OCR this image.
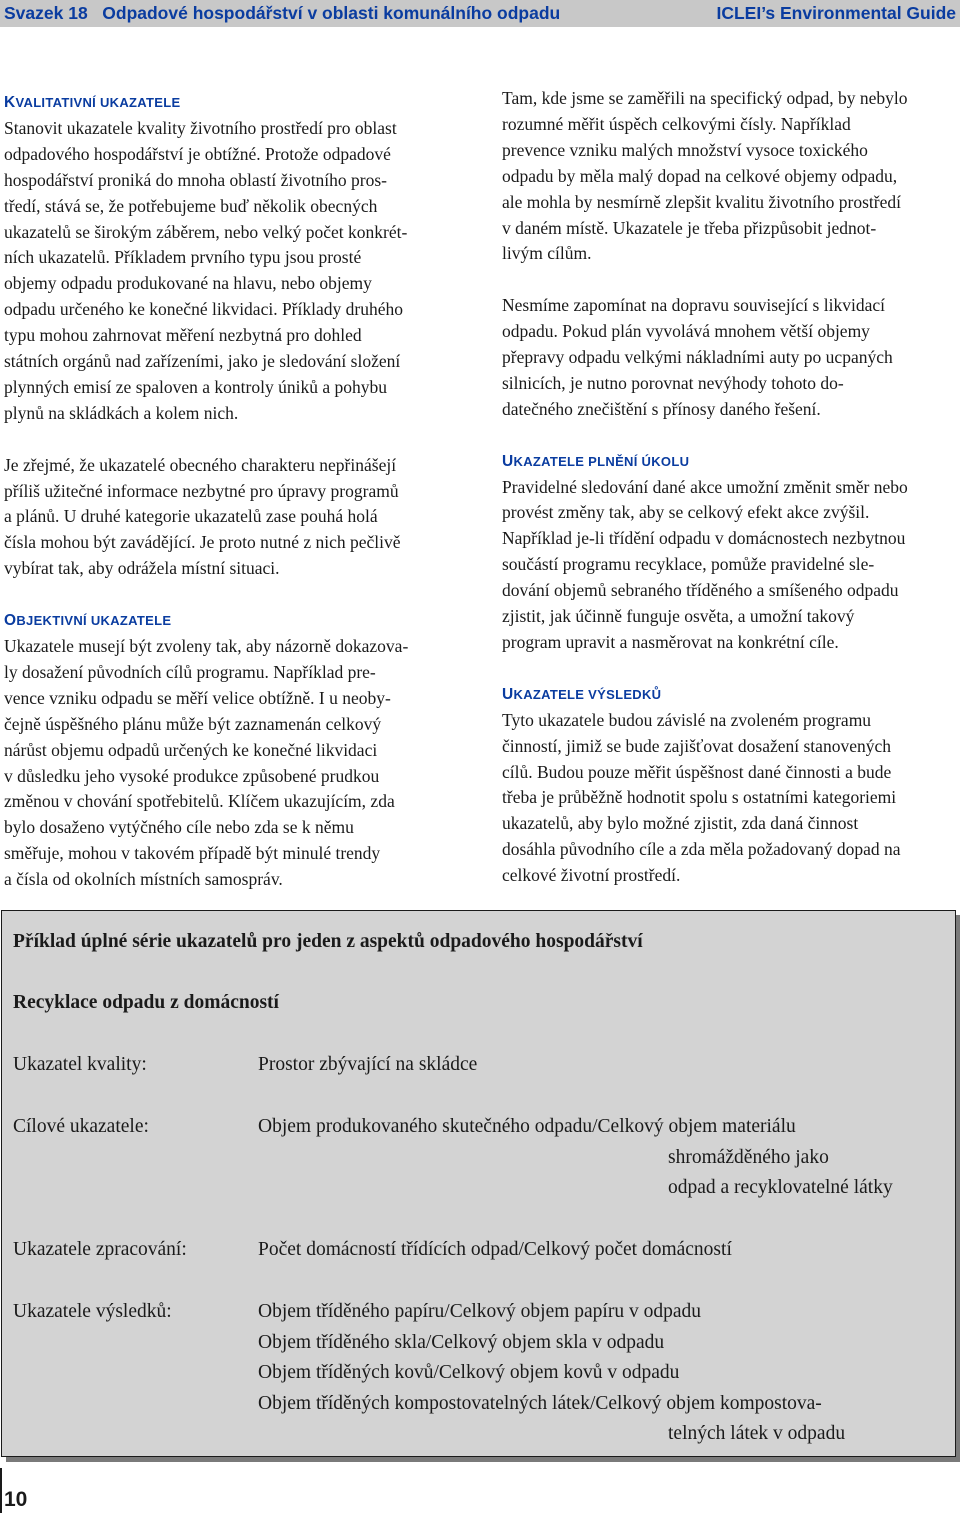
Svazek 18   Odpadové hospodářství v oblasti komunálního odpadu	ICLEI’s Environmental Guide
KVALITATIVNÍ UKAZATELE

Stanovit ukazatele kvality životního prostředí pro oblast
odpadového hospodářství je obtížné. Protože odpadové
hospodářství proniká do mnoha oblastí životního pros-
tředí, stává se, že potřebujeme buď několik obecných
ukazatelů se širokým záběrem, nebo velký počet konkrét-
ních ukazatelů. Příkladem prvního typu jsou prosté
objemy odpadu produkované na hlavu, nebo objemy
odpadu určeného ke konečné likvidaci. Příklady druhého
typu mohou zahrnovat měření nezbytná pro dohled
státních orgánů nad zařízeními, jako je sledování složení
plynných emisí ze spaloven a kontroly úniků a pohybu
plynů na skládkách a kolem nich.

Je zřejmé, že ukazatelé obecného charakteru nepřinášejí
příliš užitečné informace nezbytné pro úpravy programů
a plánů. U druhé kategorie ukazatelů zase pouhá holá
čísla mohou být zavádějící. Je proto nutné z nich pečlivě
vybírat tak, aby odrážela místní situaci.

OBJEKTIVNÍ UKAZATELE

Ukazatele musejí být zvoleny tak, aby názorně dokazova-
ly dosažení původních cílů programu. Například pre-
vence vzniku odpadu se měří velice obtížně. I u neoby-
čejně úspěšného plánu může být zaznamenán celkový
nárůst objemu odpadů určených ke konečné likvidaci
v důsledku jeho vysoké produkce způsobené prudkou
změnou v chování spotřebitelů. Klíčem ukazujícím, zda
bylo dosaženo vytýčného cíle nebo zda se k němu
směřuje, mohou v takovém případě být minulé trendy
a čísla od okolních místních samospráv.

Tam, kde jsme se zaměřili na specifický odpad, by nebylo
rozumné měřit úspěch celkovými čísly. Například
prevence vzniku malých množství vysoce toxického
odpadu by měla malý dopad na celkové objemy odpadu,
ale mohla by nesmírně zlepšit kvalitu životního prostředí
v daném místě. Ukazatele je třeba přizpůsobit jednot-
livým cílům.

Nesmíme zapomínat na dopravu související s likvidací
odpadu. Pokud plán vyvolává mnohem větší objemy
přepravy odpadu velkými nákladními auty po ucpaných
silnicích, je nutno porovnat nevýhody tohoto do-
datečného znečištění s přínosy daného řešení.

UKAZATELE PLNĚNÍ ÚKOLU

Pravidelné sledování dané akce umožní změnit směr nebo
provést změny tak, aby se celkový efekt akce zvýšil.
Například je-li třídění odpadu v domácnostech nezbytnou
součástí programu recyklace, pomůže pravidelné sle-
dování objemů sebraného tříděného a smíšeného odpadu
zjistit, jak účinně funguje osvěta, a umožní takový
program upravit a nasměrovat na konkrétní cíle.

UKAZATELE VÝSLEDKŮ

Tyto ukazatele budou závislé na zvoleném programu
činností, jimiž se bude zajišťovat dosažení stanovených
cílů. Budou pouze měřit úspěšnost dané činnosti a bude
třeba je průběžně hodnotit spolu s ostatními kategoriemi
ukazatelů, aby bylo možné zjistit, zda daná činnost
dosáhla původního cíle a zda měla požadovaný dopad na
celkové životní prostředí.

Příklad úplné série ukazatelů pro jeden z aspektů odpadového hospodářství
Recyklace odpadu z domácností
Ukazatel kvality:	Prostor zbývající na skládce
Cílové ukazatele:	Objem produkovaného skutečného odpadu/Celkový objem materiálu
shromážděného jako
odpad a recyklovatelné látky
Ukazatele zpracování:	Počet domácností třídících odpad/Celkový počet domácností
Ukazatele výsledků:	Objem tříděného papíru/Celkový objem papíru v odpadu
Objem tříděného skla/Celkový objem skla v odpadu
Objem tříděných kovů/Celkový objem kovů v odpadu
Objem tříděných kompostovatelných látek/Celkový objem kompostova-
telných látek v odpadu
10
